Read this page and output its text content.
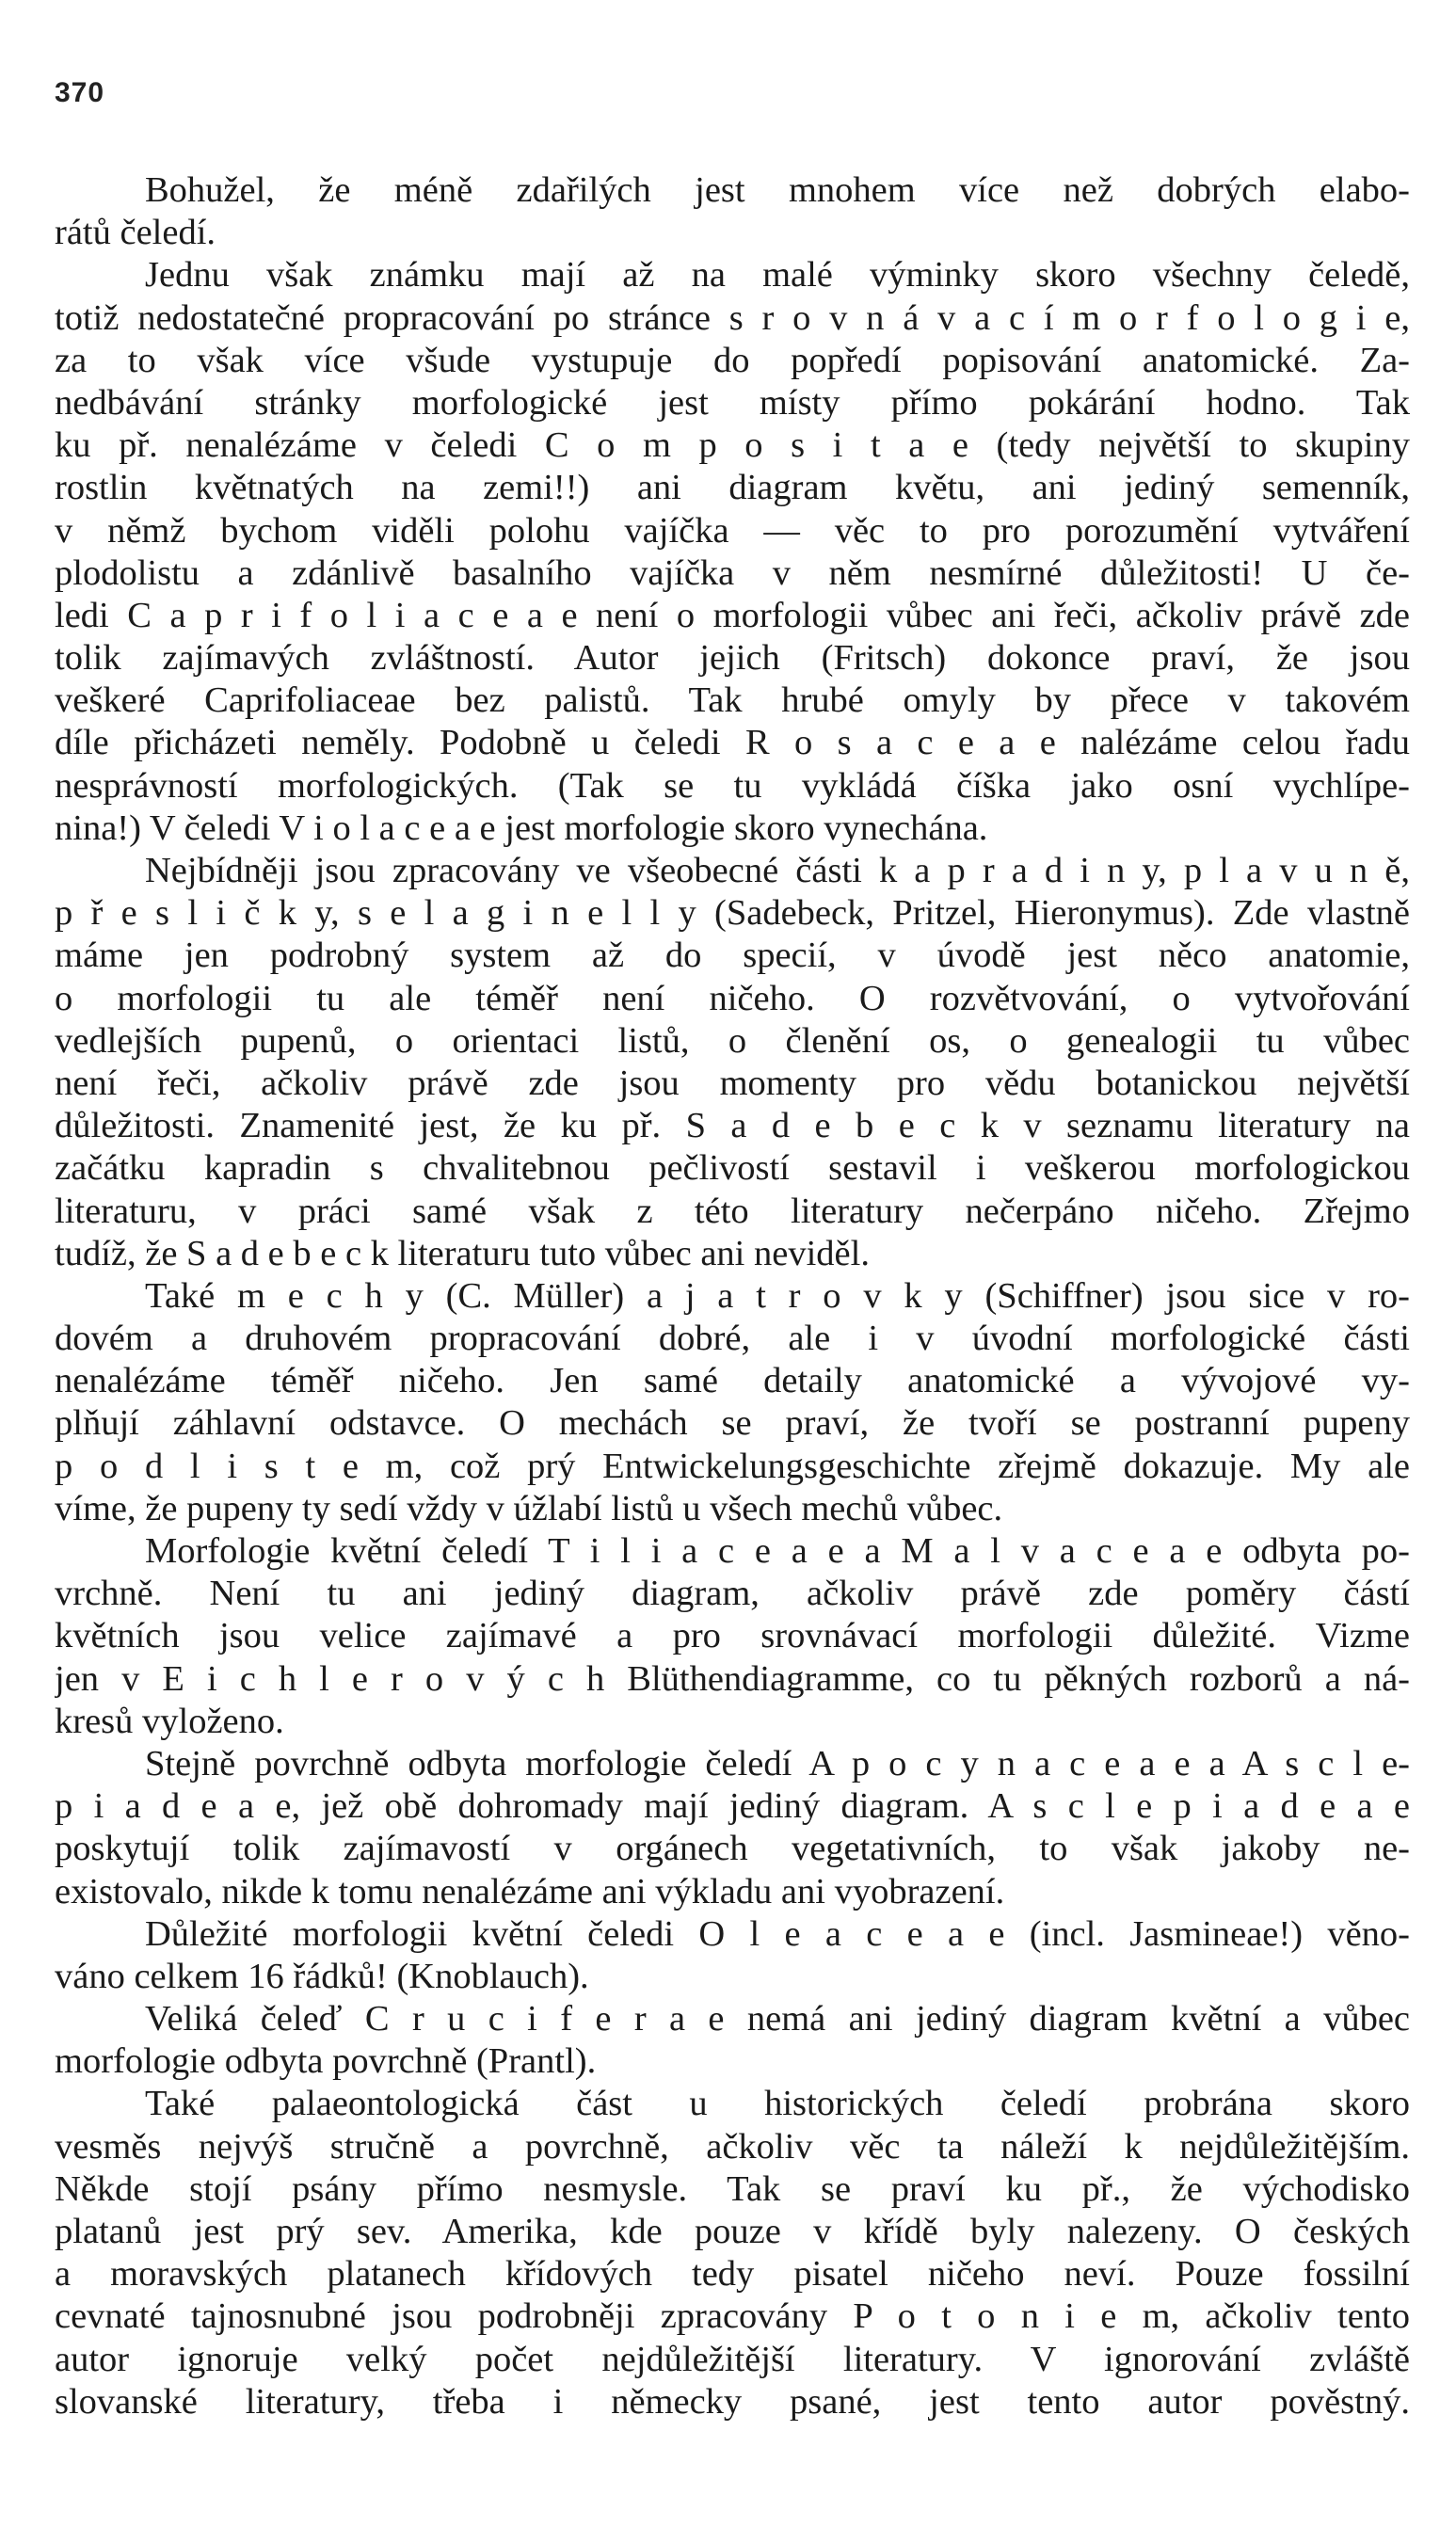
370
Bohužel, že méně zdařilých jest mnohem více než dobrých elabo-
rátů čeledí.
Jednu však známku mají až na malé výminky skoro všechny čeledě,
totiž nedostatečné propracování po stránce s r o v n á v a c í m o r f o l o g i e,
za to však více všude vystupuje do popředí popisování anatomické. Za-
nedbávání stránky morfologické jest místy přímo pokárání hodno. Tak
ku př. nenalézáme v čeledi C o m p o s i t a e (tedy největší to skupiny
rostlin květnatých na zemi!!) ani diagram květu, ani jediný semenník,
v němž bychom viděli polohu vajíčka — věc to pro porozumění vytváření
plodolistu a zdánlivě basalního vajíčka v něm nesmírné důležitosti! U če-
ledi C a p r i f o l i a c e a e není o morfologii vůbec ani řeči, ačkoliv právě zde
tolik zajímavých zvláštností. Autor jejich (Fritsch) dokonce praví, že jsou
veškeré Caprifoliaceae bez palistů. Tak hrubé omyly by přece v takovém
díle přicházeti neměly. Podobně u čeledi R o s a c e a e nalézáme celou řadu
nesprávností morfologických. (Tak se tu vykládá číška jako osní vychlípe-
nina!) V čeledi V i o l a c e a e jest morfologie skoro vynechána.
Nejbídněji jsou zpracovány ve všeobecné části k a p r a d i n y, p l a v u n ě,
p ř e s l i č k y, s e l a g i n e l l y (Sadebeck, Pritzel, Hieronymus). Zde vlastně
máme jen podrobný system až do specií, v úvodě jest něco anatomie,
o morfologii tu ale téměř není ničeho. O rozvětvování, o vytvořování
vedlejších pupenů, o orientaci listů, o členění os, o genealogii tu vůbec
není řeči, ačkoliv právě zde jsou momenty pro vědu botanickou největší
důležitosti. Znamenité jest, že ku př. S a d e b e c k v seznamu literatury na
začátku kapradin s chvalitebnou pečlivostí sestavil i veškerou morfologickou
literaturu, v práci samé však z této literatury nečerpáno ničeho. Zřejmo
tudíž, že S a d e b e c k literaturu tuto vůbec ani neviděl.
Také m e c h y (C. Müller) a j a t r o v k y (Schiffner) jsou sice v ro-
dovém a druhovém propracování dobré, ale i v úvodní morfologické části
nenalézáme téměř ničeho. Jen samé detaily anatomické a vývojové vy-
plňují záhlavní odstavce. O mechách se praví, že tvoří se postranní pupeny
p o d l i s t e m, což prý Entwickelungsgeschichte zřejmě dokazuje. My ale
víme, že pupeny ty sedí vždy v úžlabí listů u všech mechů vůbec.
Morfologie květní čeledí T i l i a c e a e a M a l v a c e a e odbyta po-
vrchně. Není tu ani jediný diagram, ačkoliv právě zde poměry částí
květních jsou velice zajímavé a pro srovnávací morfologii důležité. Vizme
jen v E i c h l e r o v ý c h Blüthendiagramme, co tu pěkných rozborů a ná-
kresů vyloženo.
Stejně povrchně odbyta morfologie čeledí A p o c y n a c e a e a A s c l e-
p i a d e a e, jež obě dohromady mají jediný diagram. A s c l e p i a d e a e
poskytují tolik zajímavostí v orgánech vegetativních, to však jakoby ne-
existovalo, nikde k tomu nenalézáme ani výkladu ani vyobrazení.
Důležité morfologii květní čeledi O l e a c e a e (incl. Jasmineae!) věno-
váno celkem 16 řádků! (Knoblauch).
Veliká čeleď C r u c i f e r a e nemá ani jediný diagram květní a vůbec
morfologie odbyta povrchně (Prantl).
Také palaeontologická část u historických čeledí probrána skoro
vesměs nejvýš stručně a povrchně, ačkoliv věc ta náleží k nejdůležitějším.
Někde stojí psány přímo nesmysle. Tak se praví ku př., že východisko
platanů jest prý sev. Amerika, kde pouze v křídě byly nalezeny. O českých
a moravských platanech křídových tedy pisatel ničeho neví. Pouze fossilní
cevnaté tajnosnubné jsou podrobněji zpracovány P o t o n i e m, ačkoliv tento
autor ignoruje velký počet nejdůležitější literatury. V ignorování zvláště
slovanské literatury, třeba i německy psané, jest tento autor pověstný.
